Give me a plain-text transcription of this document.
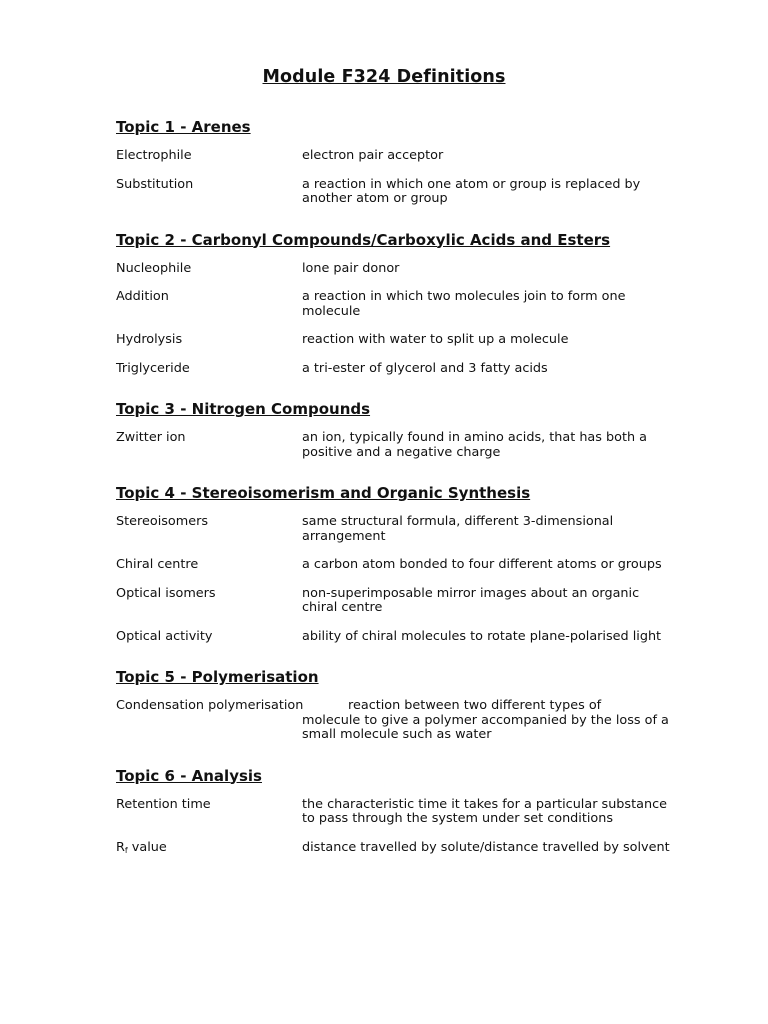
Module F324 Definitions
Topic 1 - Arenes
Electrophile	electron pair acceptor
Substitution	a reaction in which one atom or group is replaced by another atom or group
Topic 2 - Carbonyl Compounds/Carboxylic Acids and Esters
Nucleophile	lone pair donor
Addition	a reaction in which two molecules join to form one molecule
Hydrolysis	reaction with water to split up a molecule
Triglyceride	a tri-ester of glycerol and 3 fatty acids
Topic 3 - Nitrogen Compounds
Zwitter ion	an ion, typically found in amino acids, that has both a positive and a negative charge
Topic 4 - Stereoisomerism and Organic Synthesis
Stereoisomers	same structural formula, different 3-dimensional arrangement
Chiral centre	a carbon atom bonded to four different atoms or groups
Optical isomers	non-superimposable mirror images about an organic chiral centre
Optical activity	ability of chiral molecules to rotate plane-polarised light
Topic 5 - Polymerisation
Condensation polymerisation	reaction between two different types of
molecule to give a polymer accompanied by the loss of a small molecule such as water
Topic 6 - Analysis
Retention time	the characteristic time it takes for a particular substance to pass through the system under set conditions
$R_f$ value	distance travelled by solute/distance travelled by solvent
